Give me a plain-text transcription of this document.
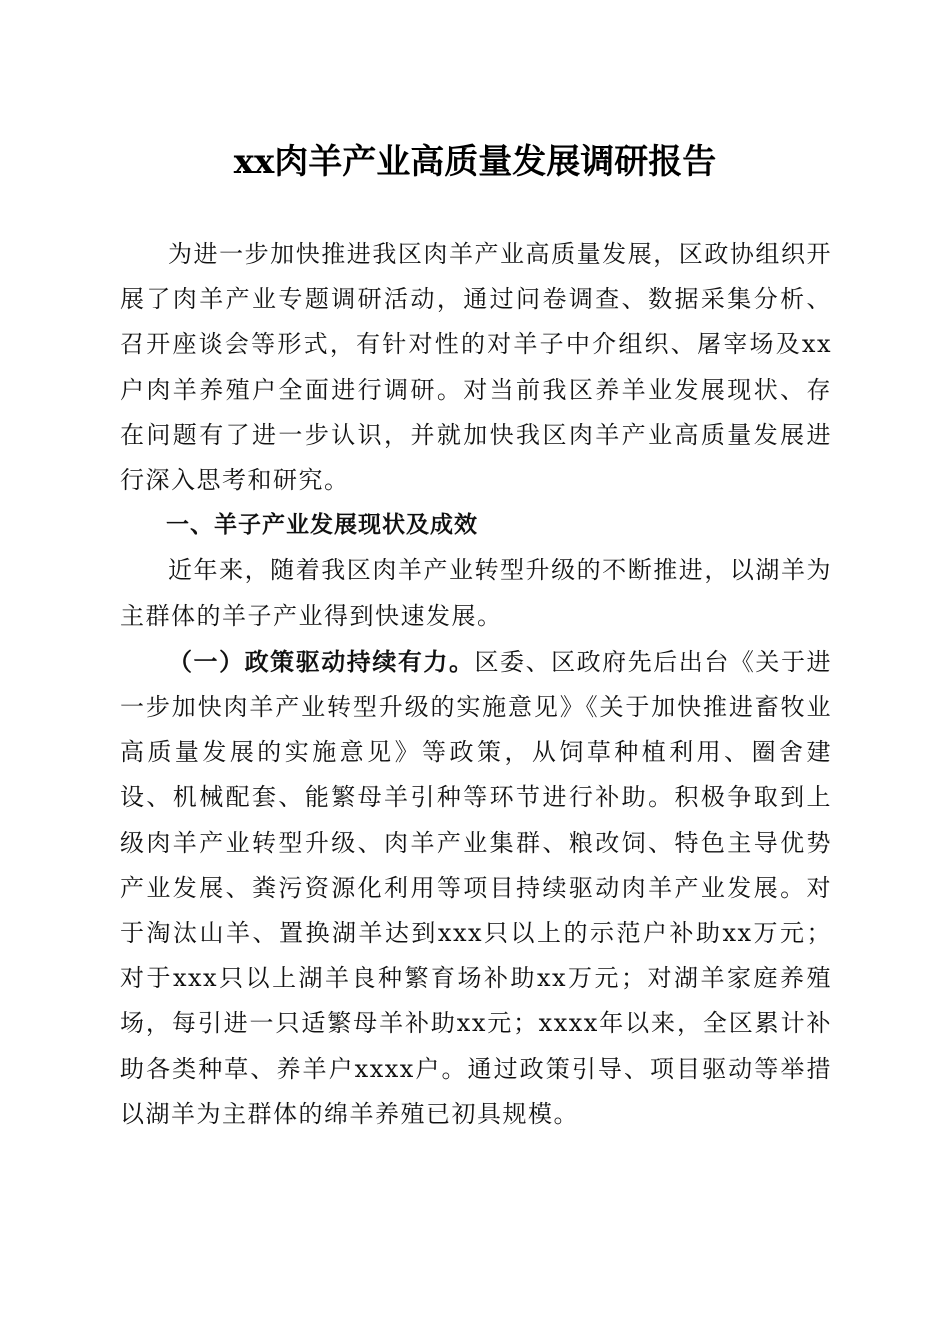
xx肉羊产业高质量发展调研报告

为进一步加快推进我区肉羊产业高质量发展，区政协组织开展了肉羊产业专题调研活动，通过问卷调查、数据采集分析、召开座谈会等形式，有针对性的对羊子中介组织、屠宰场及xx户肉羊养殖户全面进行调研。对当前我区养羊业发展现状、存在问题有了进一步认识，并就加快我区肉羊产业高质量发展进行深入思考和研究。

一、羊子产业发展现状及成效

近年来，随着我区肉羊产业转型升级的不断推进，以湖羊为主群体的羊子产业得到快速发展。

（一）政策驱动持续有力。区委、区政府先后出台《关于进一步加快肉羊产业转型升级的实施意见》《关于加快推进畜牧业高质量发展的实施意见》等政策，从饲草种植利用、圈舍建设、机械配套、能繁母羊引种等环节进行补助。积极争取到上级肉羊产业转型升级、肉羊产业集群、粮改饲、特色主导优势产业发展、粪污资源化利用等项目持续驱动肉羊产业发展。对于淘汰山羊、置换湖羊达到xxx只以上的示范户补助xx万元；对于xxx只以上湖羊良种繁育场补助xx万元；对湖羊家庭养殖场，每引进一只适繁母羊补助xx元；xxxx年以来，全区累计补助各类种草、养羊户xxxx户。通过政策引导、项目驱动等举措以湖羊为主群体的绵羊养殖已初具规模。
